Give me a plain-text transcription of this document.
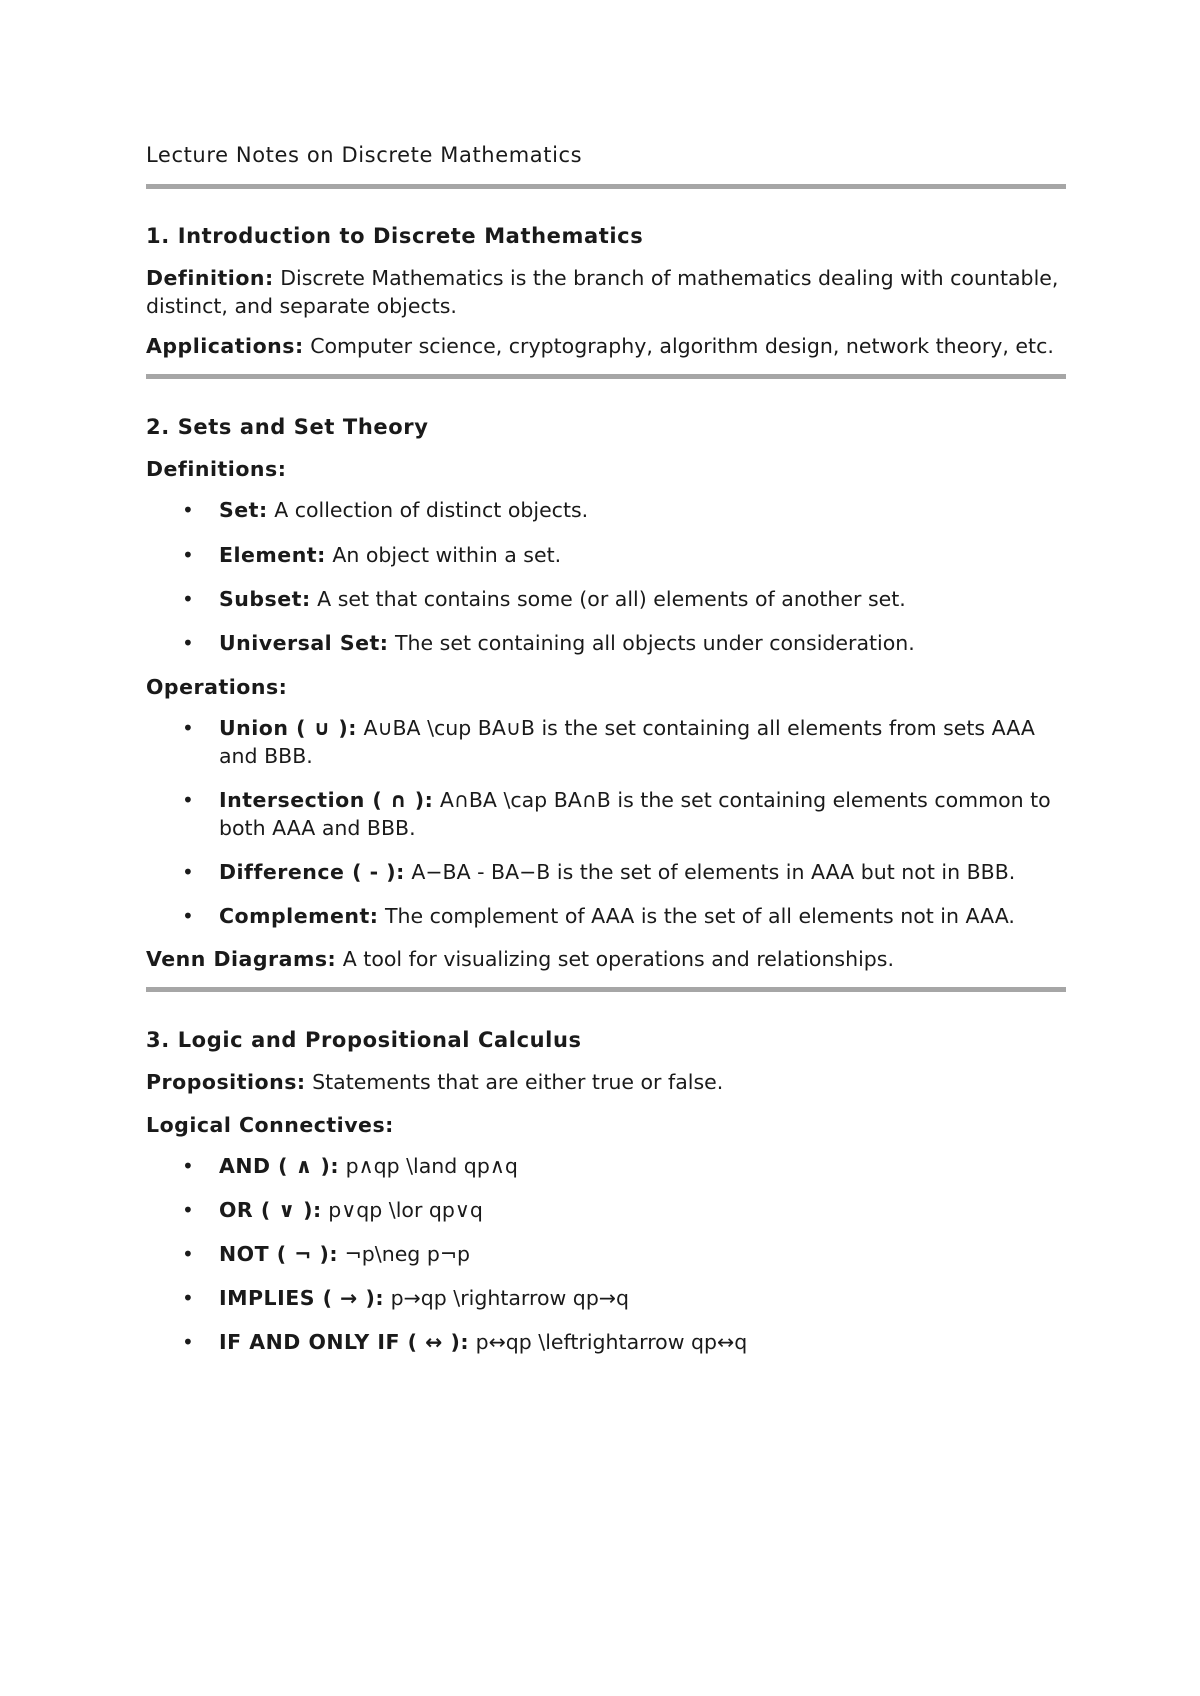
Lecture Notes on Discrete Mathematics
1. Introduction to Discrete Mathematics

Definition: Discrete Mathematics is the branch of mathematics dealing with countable, distinct, and separate objects.

Applications: Computer science, cryptography, algorithm design, network theory, etc.

2. Sets and Set Theory

Definitions:

• Set: A collection of distinct objects.
• Element: An object within a set.
• Subset: A set that contains some (or all) elements of another set.
• Universal Set: The set containing all objects under consideration.

Operations:

• Union ( ∪ ): A∪BA \cup BA∪B is the set containing all elements from sets AAA and BBB.
• Intersection ( ∩ ): A∩BA \cap BA∩B is the set containing elements common to both AAA and BBB.
• Difference ( - ): A−BA - BA−B is the set of elements in AAA but not in BBB.
• Complement: The complement of AAA is the set of all elements not in AAA.

Venn Diagrams: A tool for visualizing set operations and relationships.

3. Logic and Propositional Calculus

Propositions: Statements that are either true or false.

Logical Connectives:

• AND ( ∧ ): p∧qp \land qp∧q
• OR ( ∨ ): p∨qp \lor qp∨q
• NOT ( ¬ ): ¬p\neg p¬p
• IMPLIES ( → ): p→qp \rightarrow qp→q
• IF AND ONLY IF ( ↔ ): p↔qp \leftrightarrow qp↔q
